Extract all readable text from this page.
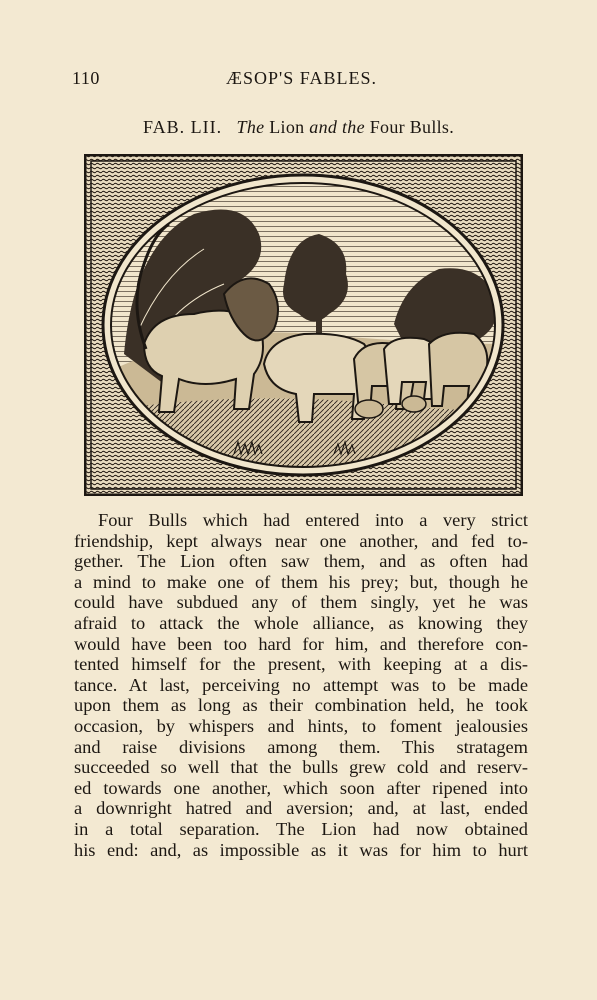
110	ÆSOP'S FABLES.
FAB. LII. The Lion and the Four Bulls.
Four Bulls which had entered into a very strict
friendship, kept always near one another, and fed to-
gether. The Lion often saw them, and as often had
a mind to make one of them his prey; but, though he
could have subdued any of them singly, yet he was
afraid to attack the whole alliance, as knowing they
would have been too hard for him, and therefore con-
tented himself for the present, with keeping at a dis-
tance. At last, perceiving no attempt was to be made
upon them as long as their combination held, he took
occasion, by whispers and hints, to foment jealousies
and raise divisions among them. This stratagem
succeeded so well that the bulls grew cold and reserv-
ed towards one another, which soon after ripened into
a downright hatred and aversion; and, at last, ended
in a total separation. The Lion had now obtained
his end: and, as impossible as it was for him to hurt
